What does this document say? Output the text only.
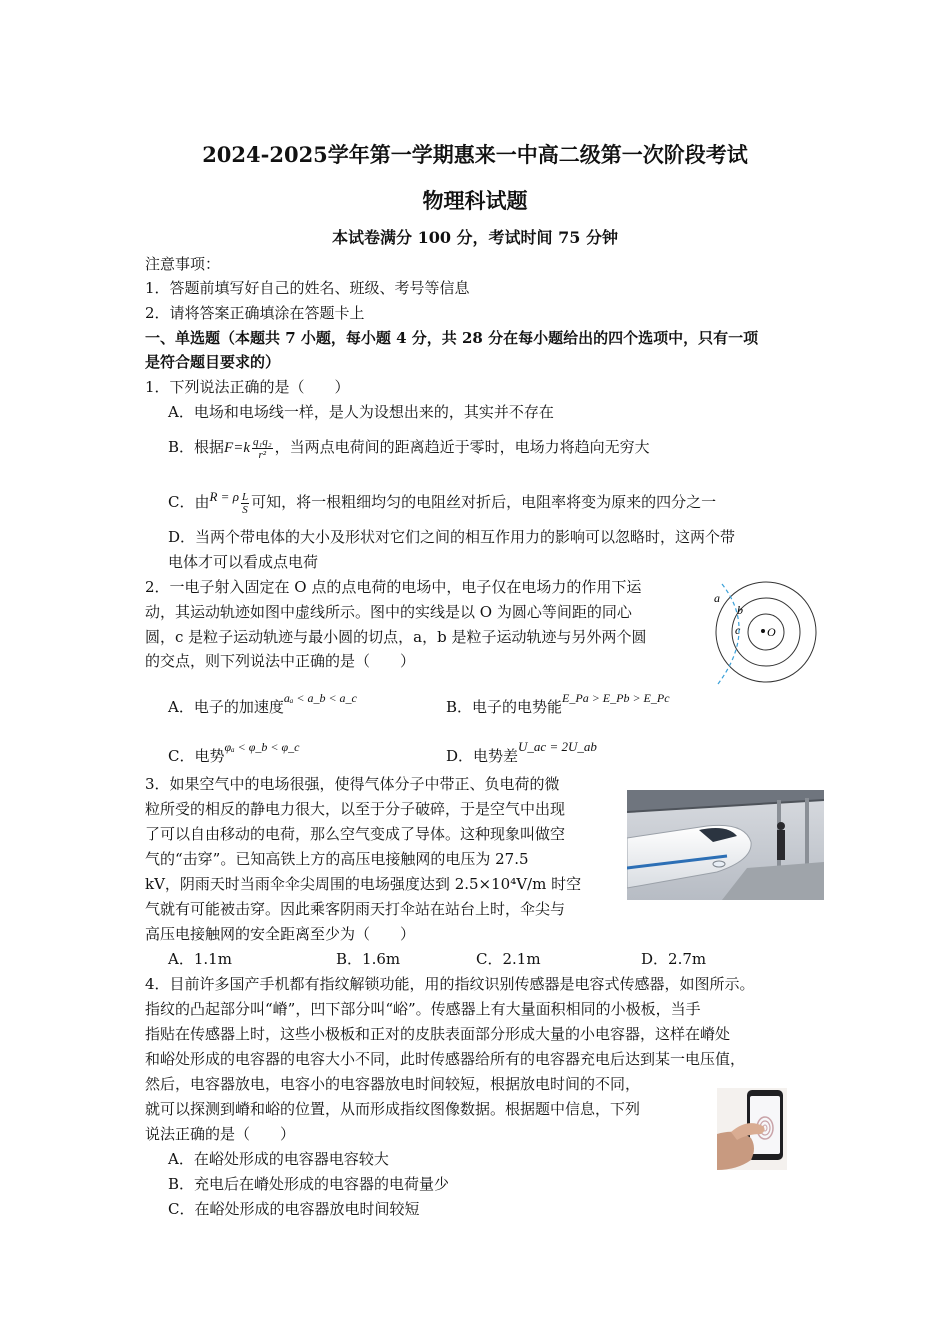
2024-2025学年第一学期惠来一中高二级第一次阶段考试
物理科试题
本试卷满分 100 分，考试时间 75 分钟
注意事项：
1．答题前填写好自己的姓名、班级、考号等信息
2．请将答案正确填涂在答题卡上
一、单选题（本题共 7 小题，每小题 4 分，共 28 分在每小题给出的四个选项中，只有一项
是符合题目要求的）
1．下列说法正确的是（　　）
A．电场和电场线一样，是人为设想出来的，其实并不存在
B．根据$F=k \frac{\text{q₁q₂}}{\text{r²}}$ ，当两点电荷间的距离趋近于零时，电场力将趋向无穷大
C．由R = ρ $\frac{L}{S}$ 可知，将一根粗细均匀的电阻丝对折后，电阻率将变为原来的四分之一
D．当两个带电体的大小及形状对它们之间的相互作用力的影响可以忽略时，这两个带
电体才可以看成点电荷
2．一电子射入固定在 O 点的点电荷的电场中，电子仅在电场力的作用下运
动，其运动轨迹如图中虚线所示。图中的实线是以 O 为圆心等间距的同心
圆，c 是粒子运动轨迹与最小圆的切点，a，b 是粒子运动轨迹与另外两个圆
的交点，则下列说法中正确的是（　　）
a
b
c O
A．电子的加速度$^{a_a < a\_b < a\_c}$	B．电子的电势能$^{E\_Pa > E\_Pb > E\_Pc}$
C．电势$^{\varphi_a < \varphi\_b < \varphi\_c}$	D．电势差U_ac = 2U_ab
3．如果空气中的电场很强，使得气体分子中带正、负电荷的微
粒所受的相反的静电力很大，以至于分子破碎，于是空气中出现
了可以自由移动的电荷，那么空气变成了导体。这种现象叫做空
气的“击穿”。已知高铁上方的高压电接触网的电压为 27.5
kV，阴雨天时当雨伞伞尖周围的电场强度达到 2.5×10⁴V/m 时空
气就有可能被击穿。因此乘客阴雨天打伞站在站台上时，伞尖与
高压电接触网的安全距离至少为（　　）
A．1.1m	B．1.6m	C．2.1m	D．2.7m
4．目前许多国产手机都有指纹解锁功能，用的指纹识别传感器是电容式传感器，如图所示。
指纹的凸起部分叫“嵴”，凹下部分叫“峪”。传感器上有大量面积相同的小极板，当手
指贴在传感器上时，这些小极板和正对的皮肤表面部分形成大量的小电容器，这样在嵴处
和峪处形成的电容器的电容大小不同，此时传感器给所有的电容器充电后达到某一电压值，
然后，电容器放电，电容小的电容器放电时间较短，根据放电时间的不同，
就可以探测到嵴和峪的位置，从而形成指纹图像数据。根据题中信息，下列
说法正确的是（　　）
A．在峪处形成的电容器电容较大
B．充电后在嵴处形成的电容器的电荷量少
C．在峪处形成的电容器放电时间较短
